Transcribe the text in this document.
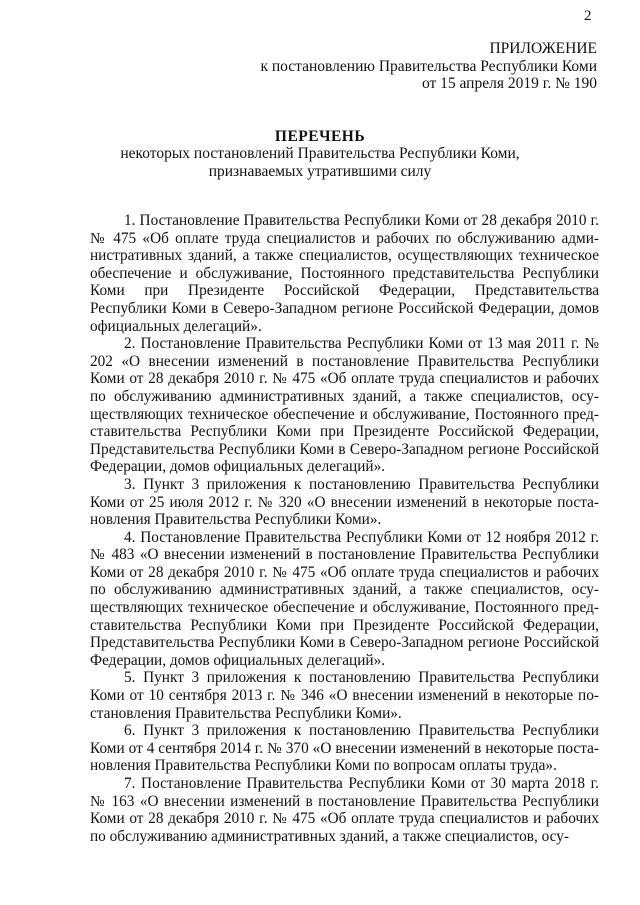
2
ПРИЛОЖЕНИЕ
к постановлению Правительства Республики Коми
от 15 апреля 2019 г. № 190
ПЕРЕЧЕНЬ
некоторых постановлений Правительства Республики Коми,
признаваемых утратившими силу

1. Постановление Правительства Республики Коми от 28 декабря 2010 г. № 475 «Об оплате труда специалистов и рабочих по обслуживанию административных зданий, а также специалистов, осуществляющих техническое обеспечение и обслуживание, Постоянного представительства Республики Коми при Президенте Российской Федерации, Представительства Республики Коми в Северо-Западном регионе Российской Федерации, домов официальных делегаций».

2. Постановление Правительства Республики Коми от 13 мая 2011 г. № 202 «О внесении изменений в постановление Правительства Республики Коми от 28 декабря 2010 г. № 475 «Об оплате труда специалистов и рабочих по обслуживанию административных зданий, а также специалистов, осуществляющих техническое обеспечение и обслуживание, Постоянного представительства Республики Коми при Президенте Российской Федерации, Представительства Республики Коми в Северо-Западном регионе Российской Федерации, домов официальных делегаций».

3. Пункт 3 приложения к постановлению Правительства Республики Коми от 25 июля 2012 г. № 320 «О внесении изменений в некоторые постановления Правительства Республики Коми».

4. Постановление Правительства Республики Коми от 12 ноября 2012 г. № 483 «О внесении изменений в постановление Правительства Республики Коми от 28 декабря 2010 г. № 475 «Об оплате труда специалистов и рабочих по обслуживанию административных зданий, а также специалистов, осуществляющих техническое обеспечение и обслуживание, Постоянного представительства Республики Коми при Президенте Российской Федерации, Представительства Республики Коми в Северо-Западном регионе Российской Федерации, домов официальных делегаций».

5. Пункт 3 приложения к постановлению Правительства Республики Коми от 10 сентября 2013 г. № 346 «О внесении изменений в некоторые постановления Правительства Республики Коми».

6. Пункт 3 приложения к постановлению Правительства Республики Коми от 4 сентября 2014 г. № 370 «О внесении изменений в некоторые постановления Правительства Республики Коми по вопросам оплаты труда».

7. Постановление Правительства Республики Коми от 30 марта 2018 г. № 163 «О внесении изменений в постановление Правительства Республики Коми от 28 декабря 2010 г. № 475 «Об оплате труда специалистов и рабочих по обслуживанию административных зданий, а также специалистов, осу-
